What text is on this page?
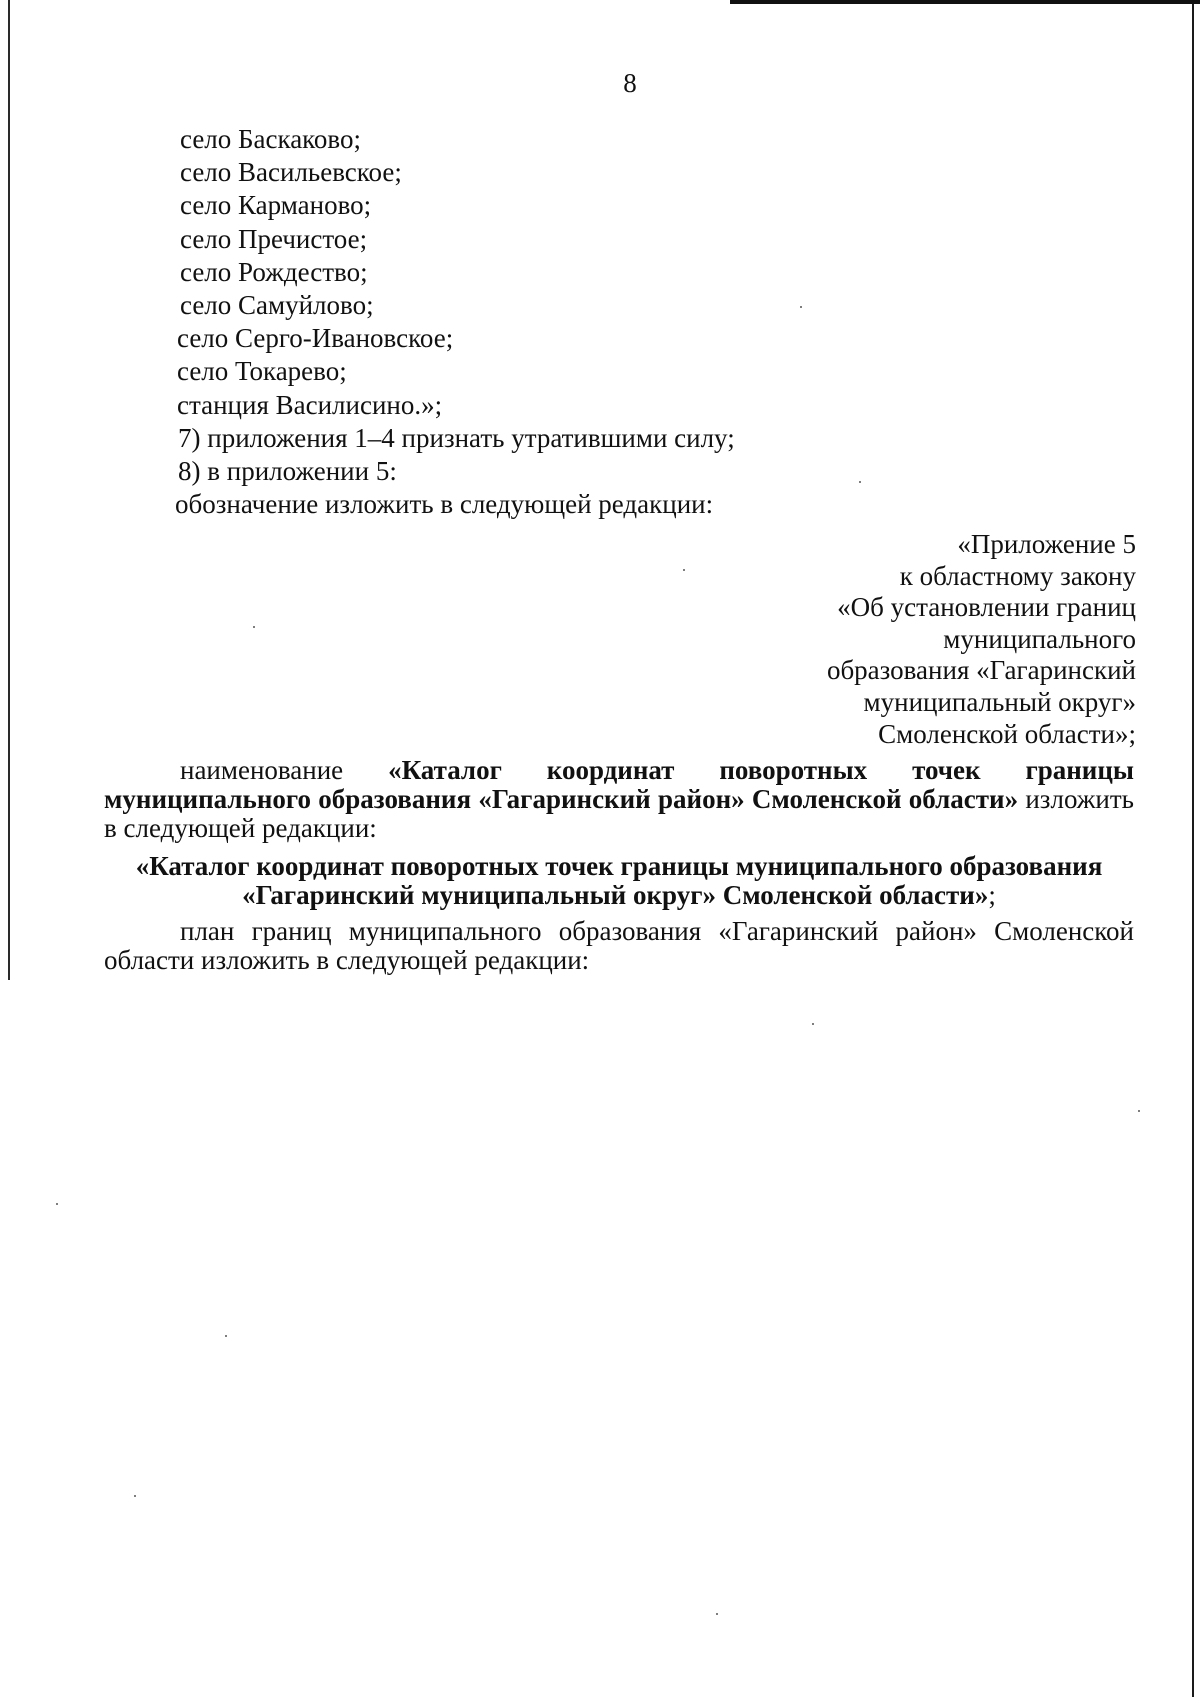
8
село Баскаково;
село Васильевское;
село Карманово;
село Пречистое;
село Рождество;
село Самуйлово;
село Серго-Ивановское;
село Токарево;
станция Василисино.»;
7) приложения 1–4 признать утратившими силу;
8) в приложении 5:
обозначение изложить в следующей редакции:
«Приложение 5
к областному закону
«Об установлении границ
муниципального
образования «Гагаринский
муниципальный округ»
Смоленской области»;
наименование «Каталог координат поворотных точек границы муниципального образования «Гагаринский район» Смоленской области» изложить в следующей редакции:
«Каталог координат поворотных точек границы муниципального образования «Гагаринский муниципальный округ» Смоленской области»;
план границ муниципального образования «Гагаринский район» Смоленской области изложить в следующей редакции:
